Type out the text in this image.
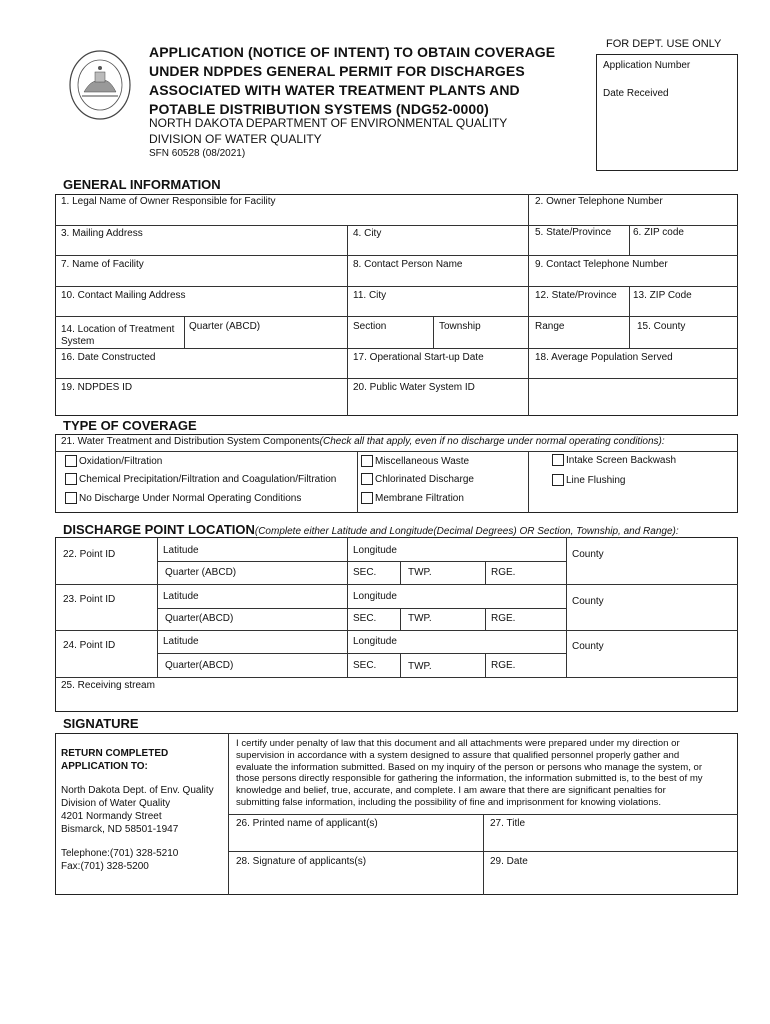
APPLICATION (NOTICE OF INTENT) TO OBTAIN COVERAGE
UNDER NDPDES GENERAL PERMIT FOR DISCHARGES
ASSOCIATED WITH WATER TREATMENT PLANTS AND
POTABLE DISTRIBUTION SYSTEMS (NDG52-0000)
NORTH DAKOTA DEPARTMENT OF ENVIRONMENTAL QUALITY
DIVISION OF WATER QUALITY
SFN 60528 (08/2021)
FOR DEPT. USE ONLY
Application Number
Date Received
GENERAL INFORMATION
1. Legal Name of Owner Responsible for Facility	2. Owner Telephone Number
3. Mailing Address	4. City	5. State/Province 6. ZIP code
7. Name of Facility	8. Contact Person Name	9. Contact Telephone Number
10. Contact Mailing Address	11. City	12. State/Province 13. ZIP Code
14. Location of Treatment
System
Quarter (ABCD)	Section	Township	Range	15. County
16. Date Constructed	17. Operational Start-up Date	18. Average Population Served
19. NDPDES ID	20. Public Water System ID
TYPE OF COVERAGE
21. Water Treatment and Distribution System Components(Check all that apply, even if no discharge under normal operating conditions):
Oxidation/Filtration
Chemical Precipitation/Filtration and Coagulation/Filtration
No Discharge Under Normal Operating Conditions
Miscellaneous Waste
Chlorinated Discharge
Membrane Filtration
Intake Screen Backwash
Line Flushing
DISCHARGE POINT LOCATION(Complete either Latitude and Longitude(Decimal Degrees) OR Section, Township, and Range):
22. Point ID	Latitude	Longitude	County
Quarter (ABCD)	SEC.	TWP.	RGE.
23. Point ID	Latitude	Longitude	County
Quarter(ABCD)	SEC.	TWP.	RGE.
24. Point ID	Latitude	Longitude	County
Quarter(ABCD)	SEC.	TWP.	RGE.
25. Receiving stream
SIGNATURE
RETURN COMPLETED
APPLICATION TO:
North Dakota Dept. of Env. Quality
Division of Water Quality
4201 Normandy Street
Bismarck, ND 58501-1947
Telephone:(701) 328-5210
Fax:(701) 328-5200
I certify under penalty of law that this document and all attachments were prepared under my direction or
supervision in accordance with a system designed to assure that qualified personnel properly gather and
evaluate the information submitted. Based on my inquiry of the person or persons who manage the system, or
those persons directly responsible for gathering the information, the information submitted is, to the best of my
knowledge and belief, true, accurate, and complete. I am aware that there are significant penalties for
submitting false information, including the possibility of fine and imprisonment for knowing violations.
26. Printed name of applicant(s)	27. Title
28. Signature of applicants(s)	29. Date
